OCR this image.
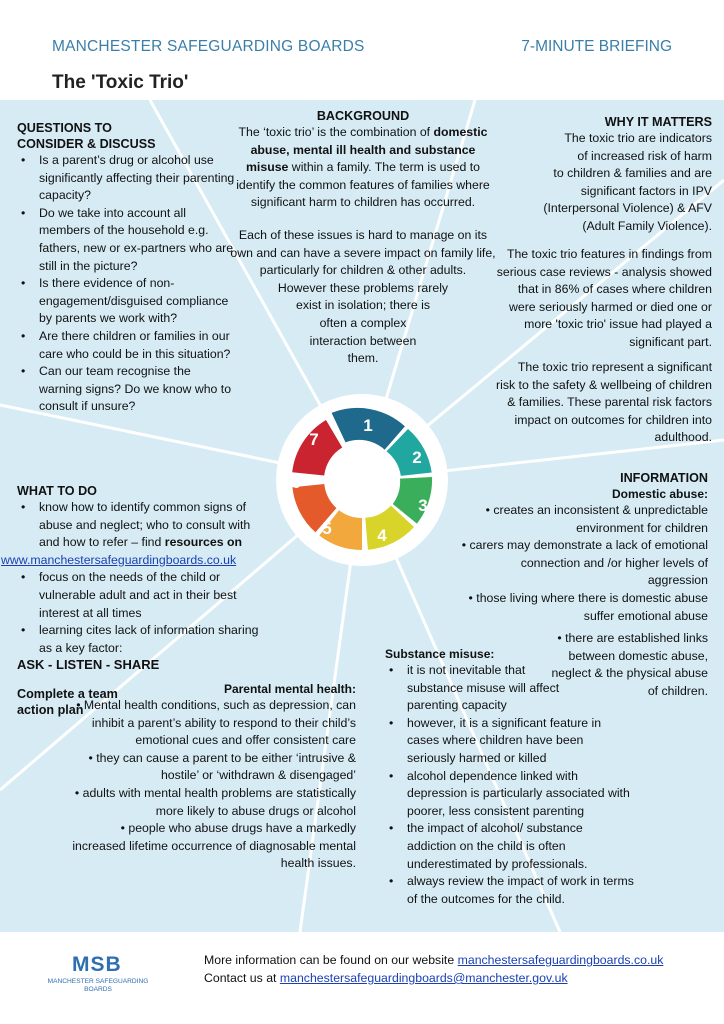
MANCHESTER SAFEGUARDING BOARDS	7-MINUTE BRIEFING
The 'Toxic Trio'
1
2
3
4
5
6
7
BACKGROUND

The ‘toxic trio’ is the combination of domestic abuse, mental ill health and substance misuse within a family. The term is used to identify the common features of families where significant harm to children has occurred.

Each of these issues is hard to manage on its own and can have a severe impact on family life, particularly for children & other adults.

However these problems rarely
exist in isolation; there is
often a complex
interaction between
them.
WHY IT MATTERS
The toxic trio are indicators
of increased risk of harm
to children & families and are
significant factors in IPV
(Interpersonal Violence) & AFV
(Adult Family Violence).
The toxic trio features in findings from serious case reviews - analysis showed that in 86% of cases where children were seriously harmed or died one or more 'toxic trio' issue had played a significant part.
The toxic trio represent a significant risk to the safety & wellbeing of children & families. These parental risk factors impact on outcomes for children into adulthood.
QUESTIONS TO
CONSIDER & DISCUSS
• Is a parent’s drug or alcohol use significantly affecting their parenting capacity?
• Do we take into account all members of the household e.g. fathers, new or ex-partners who are still in the picture?
• Is there evidence of non-engagement/disguised compliance by parents we work with?
• Are there children or families in our care who could be in this situation?
• Can our team recognise the warning signs? Do we know who to consult if unsure?
WHAT TO DO
• know how to identify common signs of abuse and neglect; who to consult with and how to refer – find resources on
www.manchestersafeguardingboards.co.uk
• focus on the needs of the child or vulnerable adult and act in their best interest at all times
• learning cites lack of information sharing as a key factor:
ASK - LISTEN - SHARE
Complete a team
action plan
INFORMATION
Domestic abuse:
• creates an inconsistent & unpredictable environment for children
• carers may demonstrate a lack of emotional connection and /or higher levels of aggression
• those living where there is domestic abuse suffer emotional abuse
• there are established links between domestic abuse, neglect & the physical abuse of children.
Substance misuse:
• it is not inevitable that substance misuse will affect parenting capacity
• however, it is a significant feature in cases where children have been seriously harmed or killed
• alcohol dependence linked with depression is particularly associated with poorer, less consistent parenting
• the impact of alcohol/ substance addiction on the child is often underestimated by professionals.
• always review the impact of work in terms of the outcomes for the child.
Parental mental health:
• Mental health conditions, such as depression, can inhibit a parent’s ability to respond to their child’s emotional cues and offer consistent care
• they can cause a parent to be either ‘intrusive & hostile’ or ‘withdrawn & disengaged’
• adults with mental health problems are statistically more likely to abuse drugs or alcohol
• people who abuse drugs have a markedly increased lifetime occurrence of diagnosable mental health issues.
MSB
MANCHESTER SAFEGUARDING BOARDS
More information can be found on our website manchestersafeguardingboards.co.uk
Contact us at manchestersafeguardingboards@manchester.gov.uk
